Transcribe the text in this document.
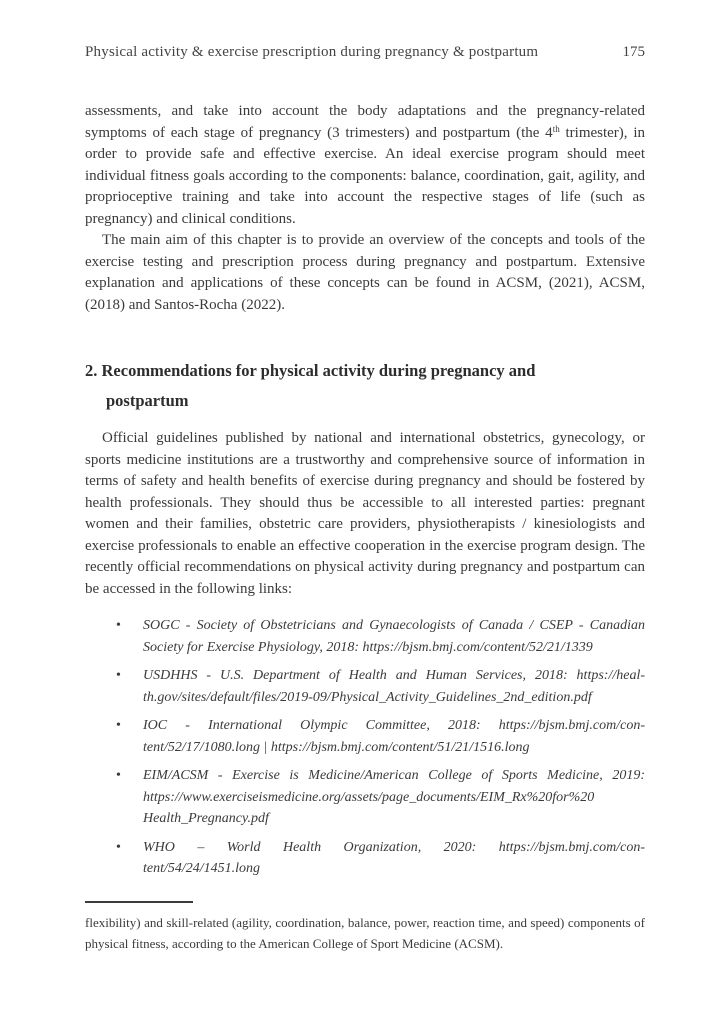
Physical activity & exercise prescription during pregnancy & postpartum	175

assessments, and take into account the body adaptations and the pregnancy-related symptoms of each stage of pregnancy (3 trimesters) and postpartum (the 4th trimester), in order to provide safe and effective exercise. An ideal exercise program should meet individual fitness goals according to the components: balance, coordination, gait, agility, and proprioceptive training and take into account the respective stages of life (such as pregnancy) and clinical conditions.

The main aim of this chapter is to provide an overview of the concepts and tools of the exercise testing and prescription process during pregnancy and postpartum. Extensive explanation and applications of these concepts can be found in ACSM, (2021), ACSM, (2018) and Santos-Rocha (2022).

2. Recommendations for physical activity during pregnancy and
postpartum

Official guidelines published by national and international obstetrics, gynecology, or sports medicine institutions are a trustworthy and comprehensive source of information in terms of safety and health benefits of exercise during pregnancy and should be fostered by health professionals. They should thus be accessible to all interested parties: pregnant women and their families, obstetric care providers, physiotherapists / kinesiologists and exercise professionals to enable an effective cooperation in the exercise program design. The recently official recommendations on physical activity during pregnancy and postpartum can be accessed in the following links:

• SOGC - Society of Obstetricians and Gynaecologists of Canada / CSEP - Canadian
Society for Exercise Physiology, 2018: https://bjsm.bmj.com/content/52/21/1339
• USDHHS - U.S. Department of Health and Human Services, 2018: https://heal-
th.gov/sites/default/files/2019-09/Physical_Activity_Guidelines_2nd_edition.pdf
• IOC - International Olympic Committee, 2018: https://bjsm.bmj.com/con-
tent/52/17/1080.long | https://bjsm.bmj.com/content/51/21/1516.long
• EIM/ACSM - Exercise is Medicine/American College of Sports Medicine, 2019:
https://www.exerciseismedicine.org/assets/page_documents/EIM_Rx%20for%20
Health_Pregnancy.pdf
• WHO – World Health Organization, 2020: https://bjsm.bmj.com/con-
tent/54/24/1451.long

flexibility) and skill-related (agility, coordination, balance, power, reaction time, and speed) components of physical fitness, according to the American College of Sport Medicine (ACSM).
